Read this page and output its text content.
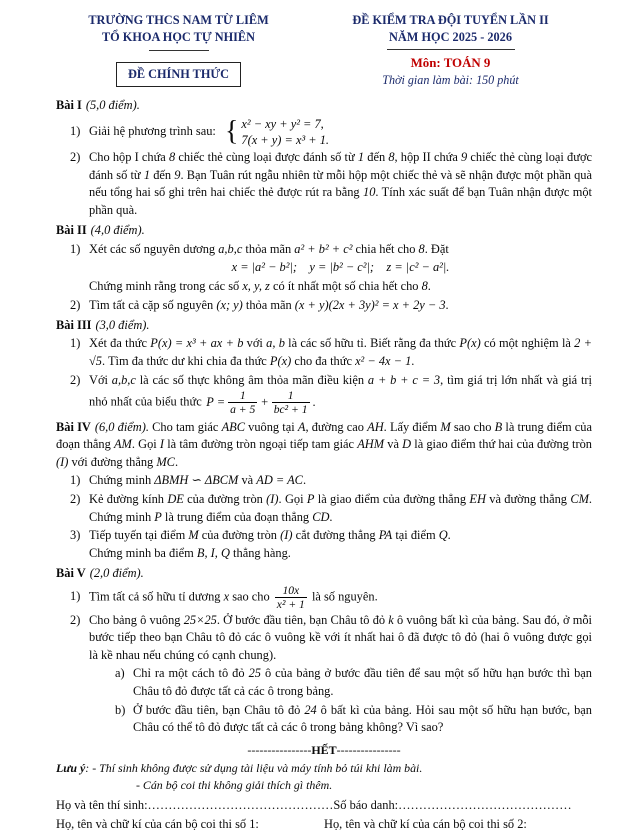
TRƯỜNG THCS NAM TỪ LIÊM
TỔ KHOA HỌC TỰ NHIÊN
ĐỀ CHÍNH THỨC
ĐỀ KIỂM TRA ĐỘI TUYỂN LẦN II
NĂM HỌC 2025 - 2026
Môn: TOÁN 9
Thời gian làm bài: 150 phút

Bài I (5,0 điểm).

1) Giải hệ phương trình sau: { x² − xy + y² = 7,
7(x + y) = x³ + 1.
2) Cho hộp I chứa 8 chiếc thẻ cùng loại được đánh số từ 1 đến 8, hộp II chứa 9 chiếc thẻ cùng loại được đánh số từ 1 đến 9. Bạn Tuân rút ngẫu nhiên từ mỗi hộp một chiếc thẻ và sẽ nhận được một phần quà nếu tổng hai số ghi trên hai chiếc thẻ được rút ra bằng 10. Tính xác suất để bạn Tuân nhận được một phần quà.

Bài II (4,0 điểm).

1) Xét các số nguyên dương a,b,c thỏa mãn a² + b² + c² chia hết cho 8. Đặt
x = |a² − b²|;    y = |b² − c²|;    z = |c² − a²|.
Chứng minh rằng trong các số x, y, z có ít nhất một số chia hết cho 8.
2) Tìm tất cả cặp số nguyên (x; y) thỏa mãn (x + y)(2x + 3y)² = x + 2y − 3.

Bài III (3,0 điểm).

1) Xét đa thức P(x) = x³ + ax + b với a, b là các số hữu tỉ. Biết rằng đa thức P(x) có một nghiệm là 2 + √5. Tìm đa thức dư khi chia đa thức P(x) cho đa thức x² − 4x − 1.
2) Với a,b,c là các số thực không âm thỏa mãn điều kiện a + b + c = 3, tìm giá trị lớn nhất và giá trị nhỏ nhất của biểu thức $P = \frac{1}{a + 5} + \frac{1}{\text{bc² + 1}}$ .

Bài IV (6,0 điểm). Cho tam giác ABC vuông tại A, đường cao AH. Lấy điểm M sao cho B là trung điểm của đoạn thẳng AM. Gọi I là tâm đường tròn ngoại tiếp tam giác AHM và D là giao điểm thứ hai của đường tròn (I) với đường thẳng MC.

1) Chứng minh ΔBMH ∽ ΔBCM và AD = AC.
2) Kẻ đường kính DE của đường tròn (I). Gọi P là giao điểm của đường thẳng EH và đường thẳng CM. Chứng minh P là trung điểm của đoạn thẳng CD.
3) Tiếp tuyến tại điểm M của đường tròn (I) cắt đường thẳng PA tại điểm Q.

Chứng minh ba điểm B, I, Q thẳng hàng.

Bài V (2,0 điểm).

1) Tìm tất cả số hữu tỉ dương x sao cho $\frac{10x}{\text{x² + 1}}$ là số nguyên.
2) Cho bảng ô vuông 25×25. Ở bước đầu tiên, bạn Châu tô đỏ k ô vuông bất kì của bảng. Sau đó, ở mỗi bước tiếp theo bạn Châu tô đỏ các ô vuông kề với ít nhất hai ô đã được tô đỏ (hai ô vuông được gọi là kề nhau nếu chúng có cạnh chung).
a) Chỉ ra một cách tô đỏ 25 ô của bảng ở bước đầu tiên để sau một số hữu hạn bước thì bạn Châu tô đỏ được tất cả các ô trong bảng.
b) Ở bước đầu tiên, bạn Châu tô đỏ 24 ô bất kì của bảng. Hỏi sau một số hữu hạn bước, bạn Châu có thể tô đỏ được tất cả các ô trong bảng không? Vì sao?

----------------HẾT----------------

Lưu ý: - Thí sinh không được sử dụng tài liệu và máy tính bỏ túi khi làm bài.

- Cán bộ coi thi không giải thích gì thêm.

Họ và tên thí sinh:………………………………………Số báo danh:……………………………………

Họ, tên và chữ kí của cán bộ coi thi số 1:	Họ, tên và chữ kí của cán bộ coi thi số 2:
